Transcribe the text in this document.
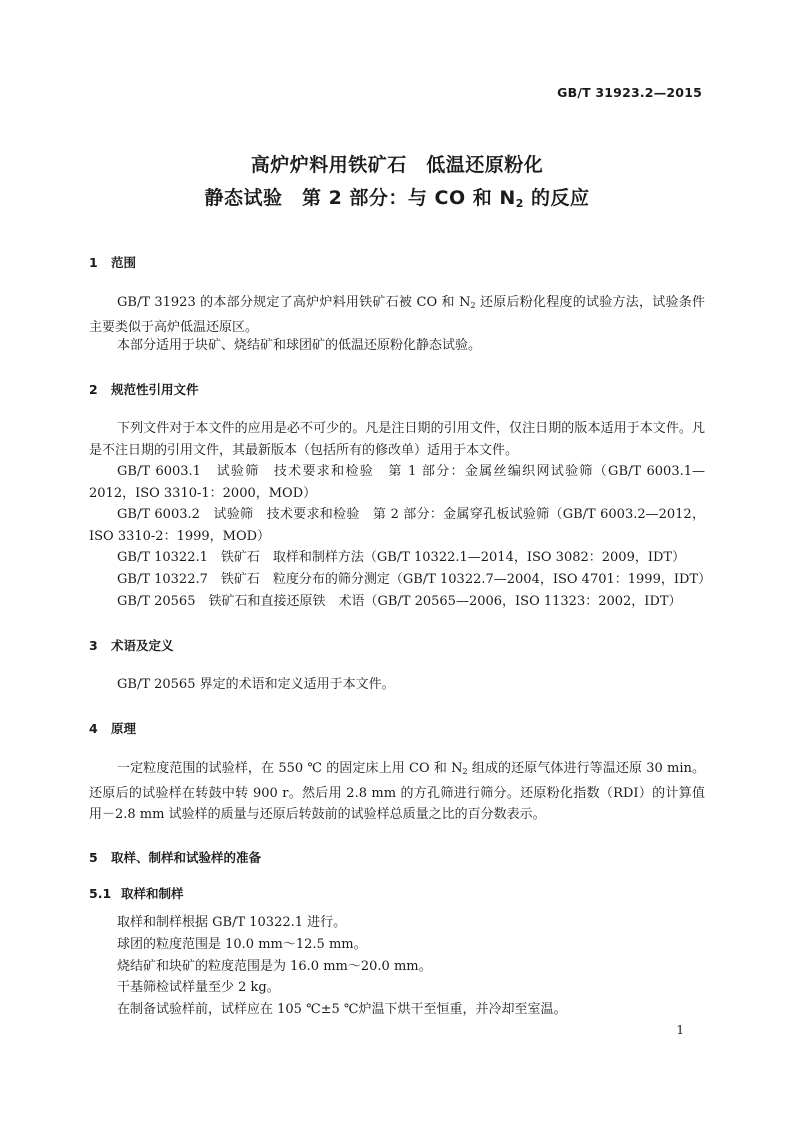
GB/T 31923.2—2015
高炉炉料用铁矿石　低温还原粉化
静态试验　第 2 部分：与 CO 和 $N_2$ 的反应
1 范围
GB/T 31923 的本部分规定了高炉炉料用铁矿石被 CO 和 $N_2$ 还原后粉化程度的试验方法，试验条件主要类似于高炉低温还原区。
本部分适用于块矿、烧结矿和球团矿的低温还原粉化静态试验。
2 规范性引用文件
下列文件对于本文件的应用是必不可少的。凡是注日期的引用文件，仅注日期的版本适用于本文件。凡是不注日期的引用文件，其最新版本（包括所有的修改单）适用于本文件。
GB/T 6003.1　试验筛　技术要求和检验　第 1 部分：金属丝编织网试验筛（GB/T 6003.1—2012，ISO 3310-1：2000，MOD）
GB/T 6003.2　试验筛　技术要求和检验　第 2 部分：金属穿孔板试验筛（GB/T 6003.2—2012，ISO 3310-2：1999，MOD）
GB/T 10322.1　铁矿石　取样和制样方法（GB/T 10322.1—2014，ISO 3082：2009，IDT）
GB/T 10322.7　铁矿石　粒度分布的筛分测定（GB/T 10322.7—2004，ISO 4701：1999，IDT）
GB/T 20565　铁矿石和直接还原铁　术语（GB/T 20565—2006，ISO 11323：2002，IDT）
3 术语及定义
GB/T 20565 界定的术语和定义适用于本文件。
4 原理
一定粒度范围的试验样，在 550 ℃ 的固定床上用 CO 和 $N_2$ 组成的还原气体进行等温还原 30 min。还原后的试验样在转鼓中转 900 r。然后用 2.8 mm 的方孔筛进行筛分。还原粉化指数（RDI）的计算值用－2.8 mm 试验样的质量与还原后转鼓前的试验样总质量之比的百分数表示。
5 取样、制样和试验样的准备
5.1 取样和制样
取样和制样根据 GB/T 10322.1 进行。
球团的粒度范围是 10.0 mm～12.5 mm。
烧结矿和块矿的粒度范围是为 16.0 mm～20.0 mm。
干基筛检试样量至少 2 kg。
在制备试验样前，试样应在 105 ℃±5 ℃炉温下烘干至恒重，并冷却至室温。
1
